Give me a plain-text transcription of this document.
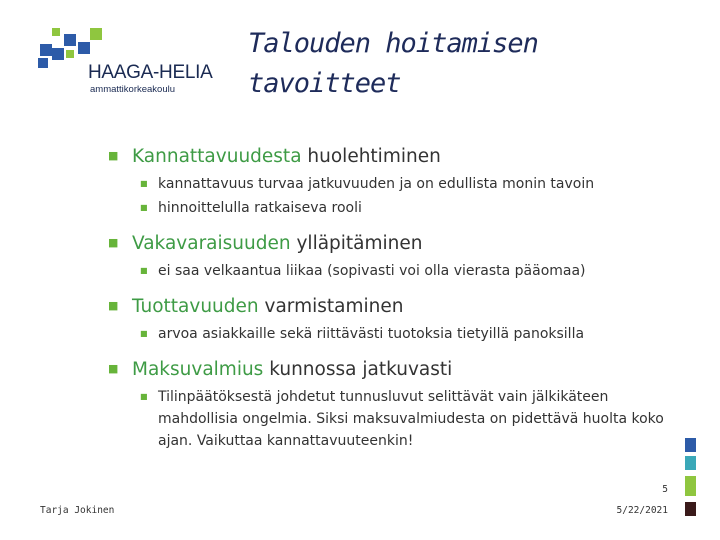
HAAGA-HELIA
ammattikorkeakoulu
Talouden hoitamisen
tavoitteet
■ Kannattavuudesta huolehtiminen
■ kannattavuus turvaa jatkuvuuden ja on edullista monin tavoin
■ hinnoittelulla ratkaiseva rooli
■ Vakavaraisuuden ylläpitäminen
■ ei saa velkaantua liikaa (sopivasti voi olla vierasta pääomaa)
■ Tuottavuuden varmistaminen
■ arvoa asiakkaille sekä riittävästi tuotoksia tietyillä panoksilla
■ Maksuvalmius kunnossa jatkuvasti
■ Tilinpäätöksestä johdetut tunnusluvut selittävät vain jälkikäteen mahdollisia ongelmia. Siksi maksuvalmiudesta on pidettävä huolta koko ajan. Vaikuttaa kannattavuuteenkin!
5
Tarja Jokinen	5/22/2021
